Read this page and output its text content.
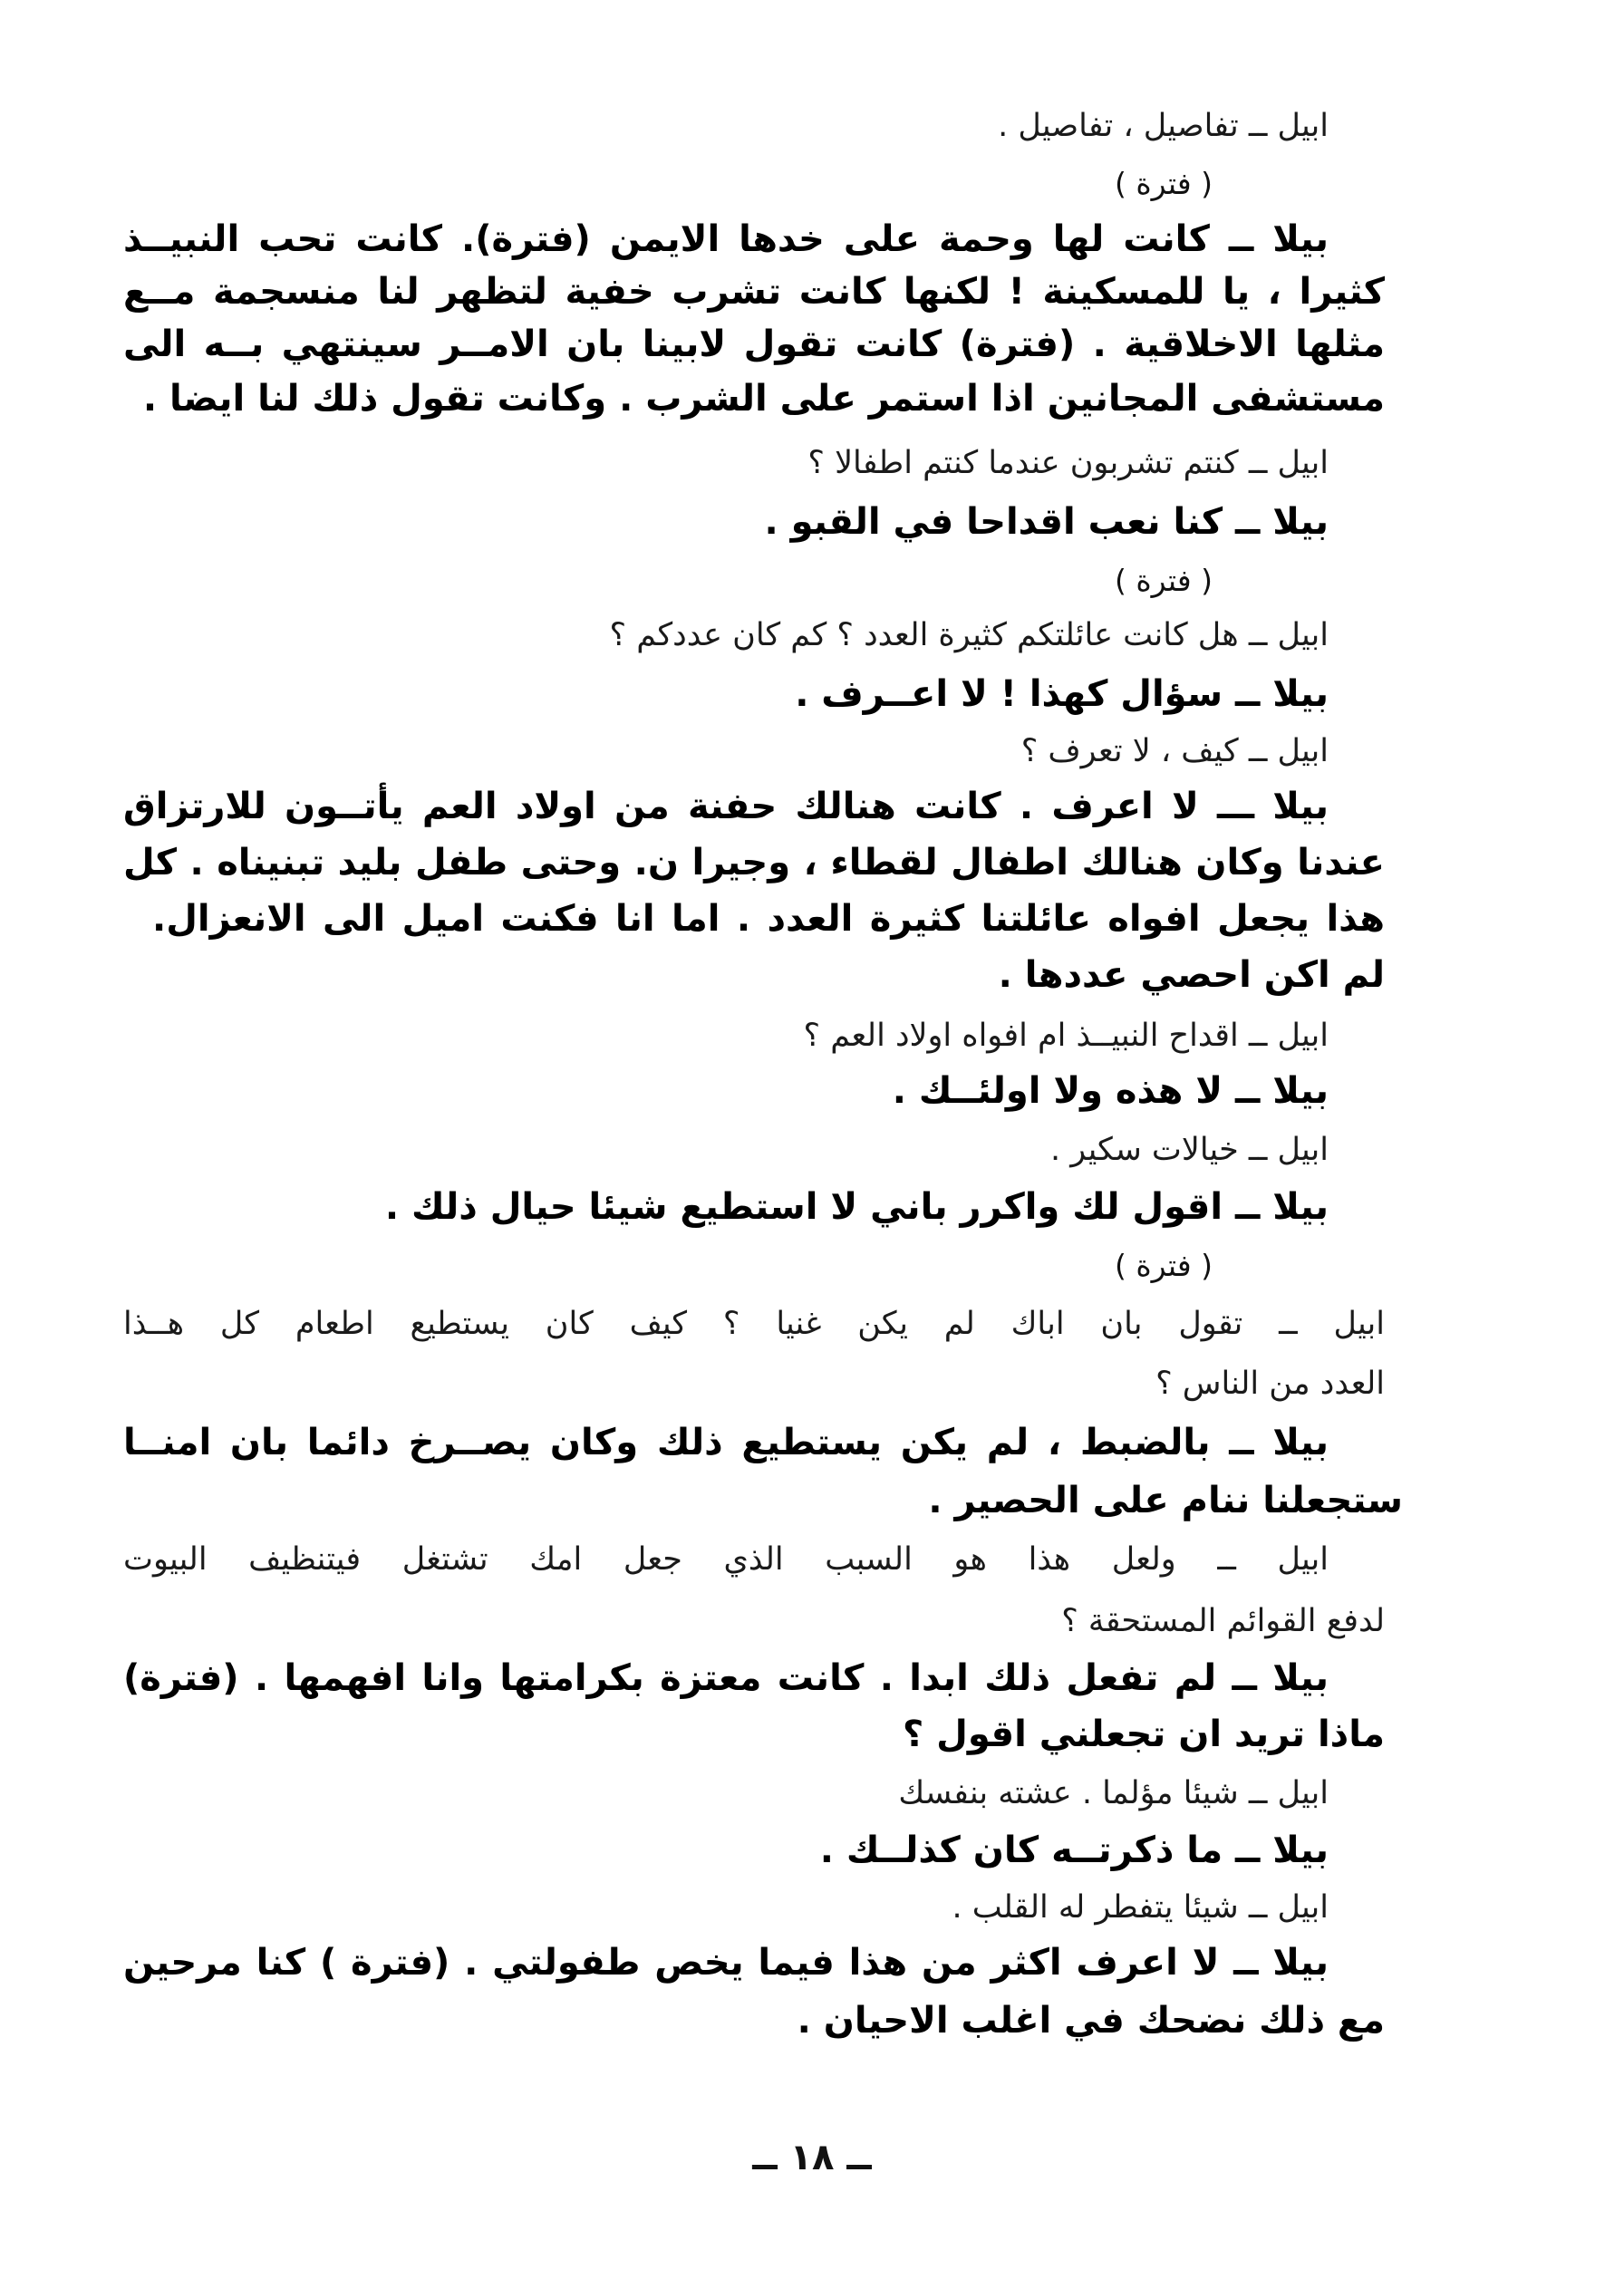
ابيل ــ تفاصيل ، تفاصيل .
( فترة )
بيلا ــ كانت لها وحمة على خدها الايمن (فترة). كانت تحب النبيــذ
كثيرا ، يا للمسكينة ! لكنها كانت تشرب خفية لتظهر لنا منسجمة مــع
مثلها الاخلاقية . (فترة) كانت تقول لابينا بان الامــر سينتهي بــه الى
مستشفى المجانين اذا استمر على الشرب . وكانت تقول ذلك لنا ايضا .
ابيل ــ كنتم تشربون عندما كنتم اطفالا ؟
بيلا ــ كنا نعب اقداحا في القبو .
( فترة )
ابيل ــ هل كانت عائلتكم كثيرة العدد ؟ كم كان عددكم ؟
بيلا ــ سؤال كهذا ! لا اعــرف .
ابيل ــ كيف ، لا تعرف ؟
بيلا ـــ لا اعرف . كانت هنالك حفنة من اولاد العم يأتــون للارتزاق
عندنا وكان هنالك اطفال لقطاء ، وجيرا ن. وحتى طفل بليد تبنيناه . كل
هذا يجعل افواه عائلتنا كثيرة العدد . اما انا فكنت اميل الى الانعزال.
لم اكن احصي عددها .
ابيل ــ اقداح النبيــذ ام افواه اولاد العم ؟
بيلا ــ لا هذه ولا اولئــك .
ابيل ــ خيالات سكير .
بيلا ــ اقول لك واكرر باني لا استطيع شيئا حيال ذلك .
( فترة )
ابيل ــ تقول بان اباك لم يكن غنيا ؟ كيف كان يستطيع اطعام كل هــذا
العدد من الناس ؟
بيلا ــ بالضبط ، لم يكن يستطيع ذلك وكان يصــرخ دائما بان امنــا
ستجعلنا ننام على الحصير .
ابيل ــ ولعل هذا هو السبب الذي جعل امك تشتغل فيتنظيف البيوت
لدفع القوائم المستحقة ؟
بيلا ــ لم تفعل ذلك ابدا . كانت معتزة بكرامتها وانا افهمها . (فترة)
ماذا تريد ان تجعلني اقول ؟
ابيل ــ شيئا مؤلما . عشته بنفسك
بيلا ــ ما ذكرتــه كان كذلــك .
ابيل ــ شيئا يتفطر له القلب .
بيلا ــ لا اعرف اكثر من هذا فيما يخص طفولتي . (فترة ) كنا مرحين
مع ذلك نضحك في اغلب الاحيان .
ــ ١٨ ــ
